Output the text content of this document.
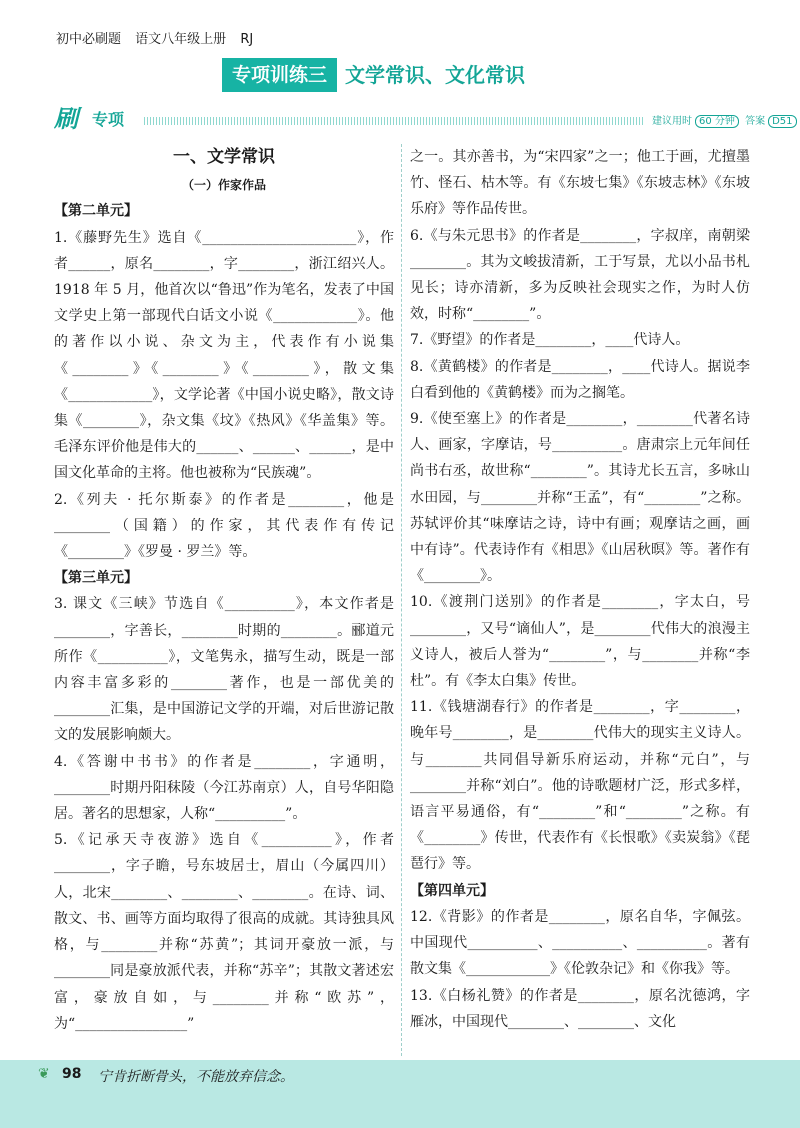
初中必刷题 语文八年级上册 RJ
专项训练三 文学常识、文化常识
刷 专项	建议用时 60 分钟 答案 D51
一、文学常识
（一）作家作品
【第二单元】

1.《藤野先生》选自《______________________》，作者______，原名________，字________，浙江绍兴人。1918 年 5 月，他首次以“鲁迅”作为笔名，发表了中国文学史上第一部现代白话文小说《____________》。他的著作以小说、杂文为主，代表作有小说集《________》《________》《________》，散文集《____________》，文学论著《中国小说史略》，散文诗集《________》，杂文集《坟》《热风》《华盖集》等。毛泽东评价他是伟大的______、______、______，是中国文化革命的主将。他也被称为“民族魂”。

2.《列夫 · 托尔斯泰》的作者是________，他是________（国籍）的作家，其代表作有传记《________》《罗曼 · 罗兰》等。

【第三单元】

3. 课文《三峡》节选自《__________》，本文作者是________，字善长，________时期的________。郦道元所作《__________》，文笔隽永，描写生动，既是一部内容丰富多彩的________著作，也是一部优美的________汇集，是中国游记文学的开端，对后世游记散文的发展影响颇大。

4.《答谢中书书》的作者是________，字通明，________时期丹阳秣陵（今江苏南京）人，自号华阳隐居。著名的思想家，人称“__________”。

5.《记承天寺夜游》选自《__________》，作者________，字子瞻，号东坡居士，眉山（今属四川）人，北宋________、________、________。在诗、词、散文、书、画等方面均取得了很高的成就。其诗独具风格，与________并称“苏黄”；其词开豪放一派，与________同是豪放派代表，并称“苏辛”；其散文著述宏富，豪放自如，与________并称“欧苏”，为“________________”

之一。其亦善书，为“宋四家”之一；他工于画，尤擅墨竹、怪石、枯木等。有《东坡七集》《东坡志林》《东坡乐府》等作品传世。

6.《与朱元思书》的作者是________，字叔庠，南朝梁________。其为文峻拔清新，工于写景，尤以小品书札见长；诗亦清新，多为反映社会现实之作，为时人仿效，时称“________”。

7.《野望》的作者是________，____代诗人。

8.《黄鹤楼》的作者是________，____代诗人。据说李白看到他的《黄鹤楼》而为之搁笔。

9.《使至塞上》的作者是________，________代著名诗人、画家，字摩诘，号__________。唐肃宗上元年间任尚书右丞，故世称“________”。其诗尤长五言，多咏山水田园，与________并称“王孟”，有“________”之称。苏轼评价其“味摩诘之诗，诗中有画；观摩诘之画，画中有诗”。代表诗作有《相思》《山居秋暝》等。著作有《________》。

10.《渡荆门送别》的作者是________，字太白，号________，又号“谪仙人”，是________代伟大的浪漫主义诗人，被后人誉为“________”，与________并称“李杜”。有《李太白集》传世。

11.《钱塘湖春行》的作者是________，字________，晚年号________，是________代伟大的现实主义诗人。与________共同倡导新乐府运动，并称“元白”，与________并称“刘白”。他的诗歌题材广泛，形式多样，语言平易通俗，有“________”和“________”之称。有《________》传世，代表作有《长恨歌》《卖炭翁》《琵琶行》等。

【第四单元】

12.《背影》的作者是________，原名自华，字佩弦。中国现代__________、__________、__________。著有散文集《____________》《伦敦杂记》和《你我》等。

13.《白杨礼赞》的作者是________，原名沈德鸿，字雁冰，中国现代________、________、文化

❦ 98 宁肯折断骨头，不能放弃信念。
